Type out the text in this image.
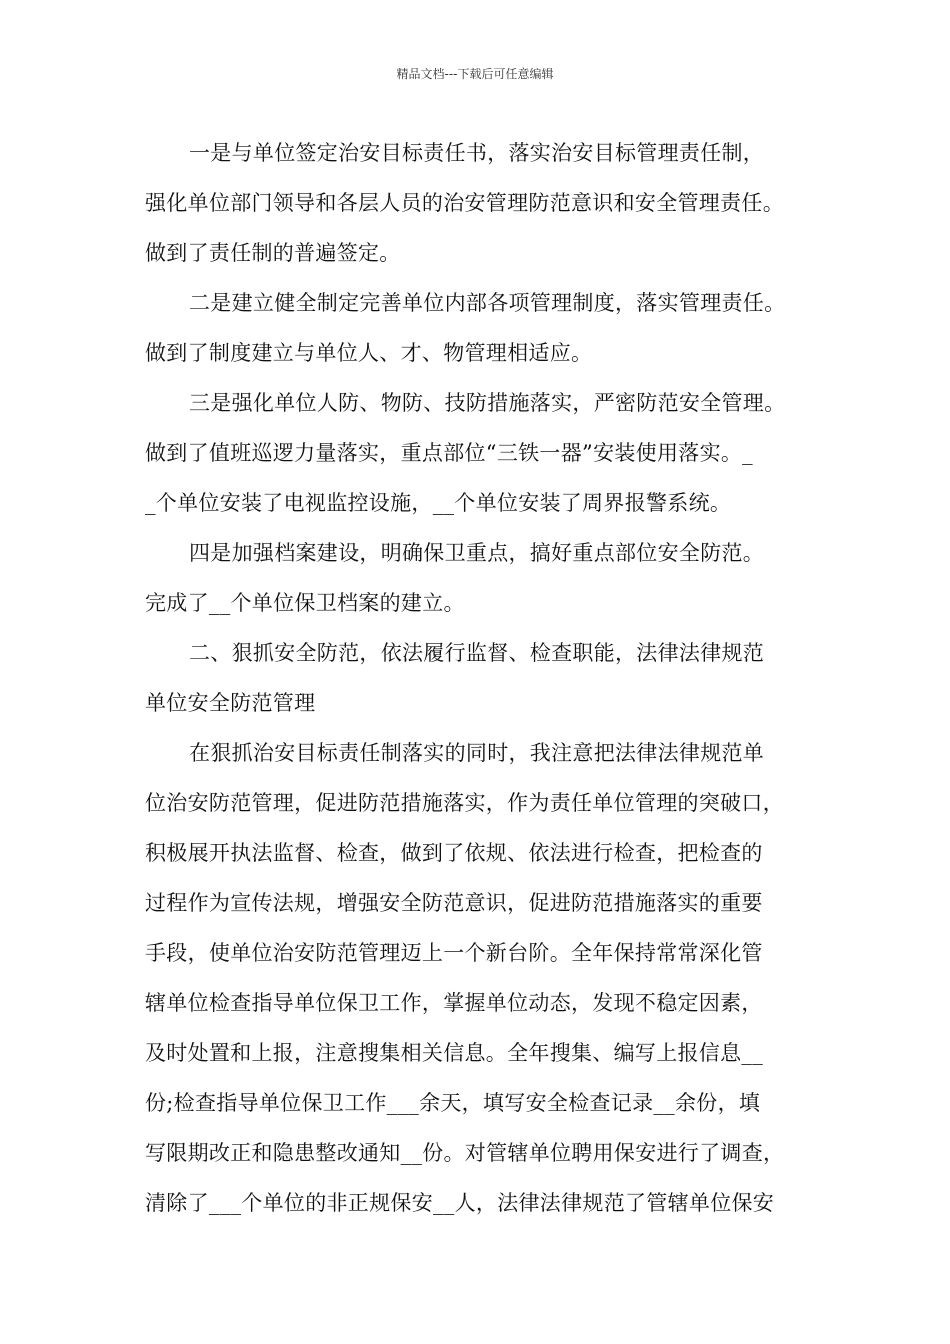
精品文档---下载后可任意编辑
一是与单位签定治安目标责任书，落实治安目标管理责任制，
强化单位部门领导和各层人员的治安管理防范意识和安全管理责任。
做到了责任制的普遍签定。
二是建立健全制定完善单位内部各项管理制度，落实管理责任。
做到了制度建立与单位人、才、物管理相适应。
三是强化单位人防、物防、技防措施落实，严密防范安全管理。
做到了值班巡逻力量落实，重点部位“三铁一器”安装使用落实。_
_个单位安装了电视监控设施，__个单位安装了周界报警系统。
四是加强档案建设，明确保卫重点，搞好重点部位安全防范。
完成了__个单位保卫档案的建立。
二、狠抓安全防范，依法履行监督、检查职能，法律法律规范
单位安全防范管理
在狠抓治安目标责任制落实的同时，我注意把法律法律规范单
位治安防范管理，促进防范措施落实，作为责任单位管理的突破口，
积极展开执法监督、检查，做到了依规、依法进行检查，把检查的
过程作为宣传法规，增强安全防范意识，促进防范措施落实的重要
手段，使单位治安防范管理迈上一个新台阶。全年保持常常深化管
辖单位检查指导单位保卫工作，掌握单位动态，发现不稳定因素，
及时处置和上报，注意搜集相关信息。全年搜集、编写上报信息__
份;检查指导单位保卫工作___余天，填写安全检查记录__余份，填
写限期改正和隐患整改通知__份。对管辖单位聘用保安进行了调查，
清除了___个单位的非正规保安__人，法律法律规范了管辖单位保安
